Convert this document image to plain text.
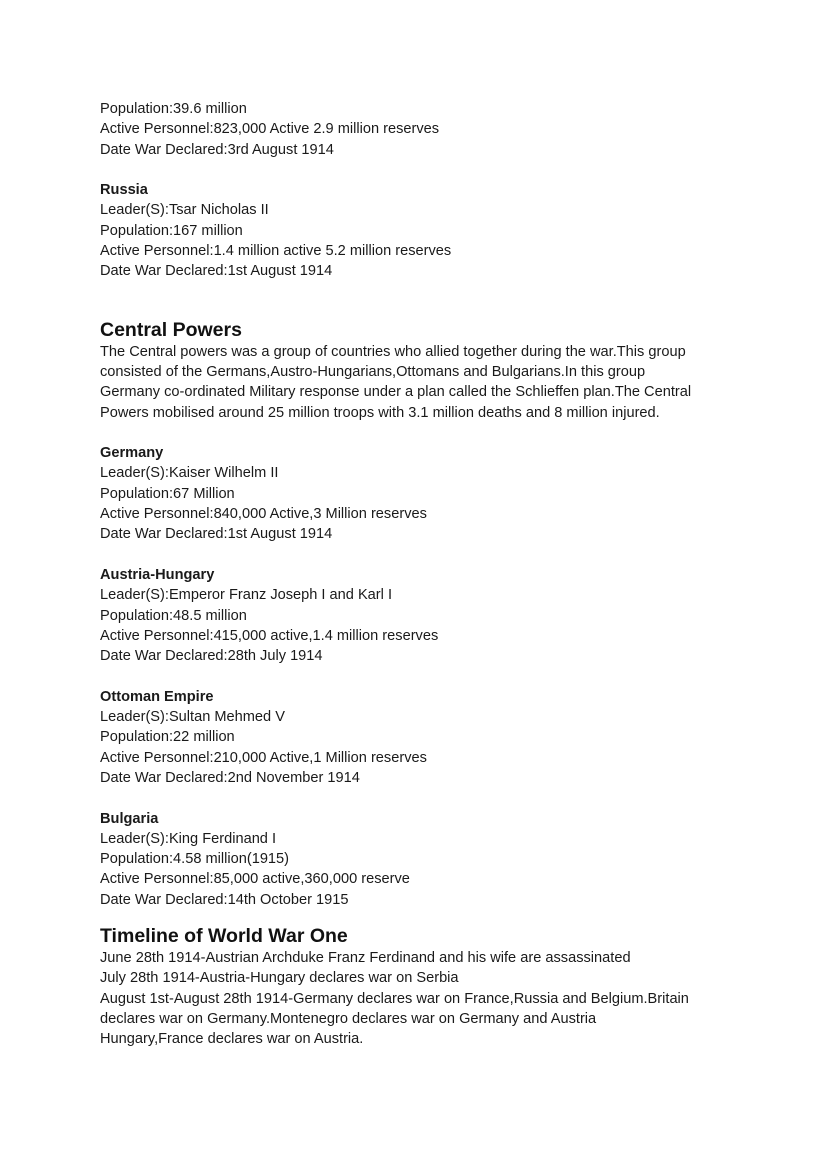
Population:39.6 million
Active Personnel:823,000 Active 2.9 million reserves
Date War Declared:3rd August 1914
Russia
Leader(S):Tsar Nicholas II
Population:167 million
Active Personnel:1.4 million active 5.2 million reserves
Date War Declared:1st August 1914
Central Powers
The Central powers was a group of countries who allied together during the war.This group
consisted of the Germans,Austro-Hungarians,Ottomans and Bulgarians.In this group
Germany co-ordinated Military response under a plan called the Schlieffen plan.The Central
Powers mobilised around 25 million troops with 3.1 million deaths and 8 million injured.
Germany
Leader(S):Kaiser Wilhelm II
Population:67 Million
Active Personnel:840,000 Active,3 Million reserves
Date War Declared:1st August 1914
Austria-Hungary
Leader(S):Emperor Franz Joseph I and Karl I
Population:48.5 million
Active Personnel:415,000 active,1.4 million reserves
Date War Declared:28th July 1914
Ottoman Empire
Leader(S):Sultan Mehmed V
Population:22 million
Active Personnel:210,000 Active,1 Million reserves
Date War Declared:2nd November 1914
Bulgaria
Leader(S):King Ferdinand I
Population:4.58 million(1915)
Active Personnel:85,000 active,360,000 reserve
Date War Declared:14th October 1915
Timeline of World War One
June 28th 1914-Austrian Archduke Franz Ferdinand and his wife are assassinated
July 28th 1914-Austria-Hungary declares war on Serbia
August 1st-August 28th 1914-Germany declares war on France,Russia and Belgium.Britain
declares war on Germany.Montenegro declares war on Germany and Austria
Hungary,France declares war on Austria.
